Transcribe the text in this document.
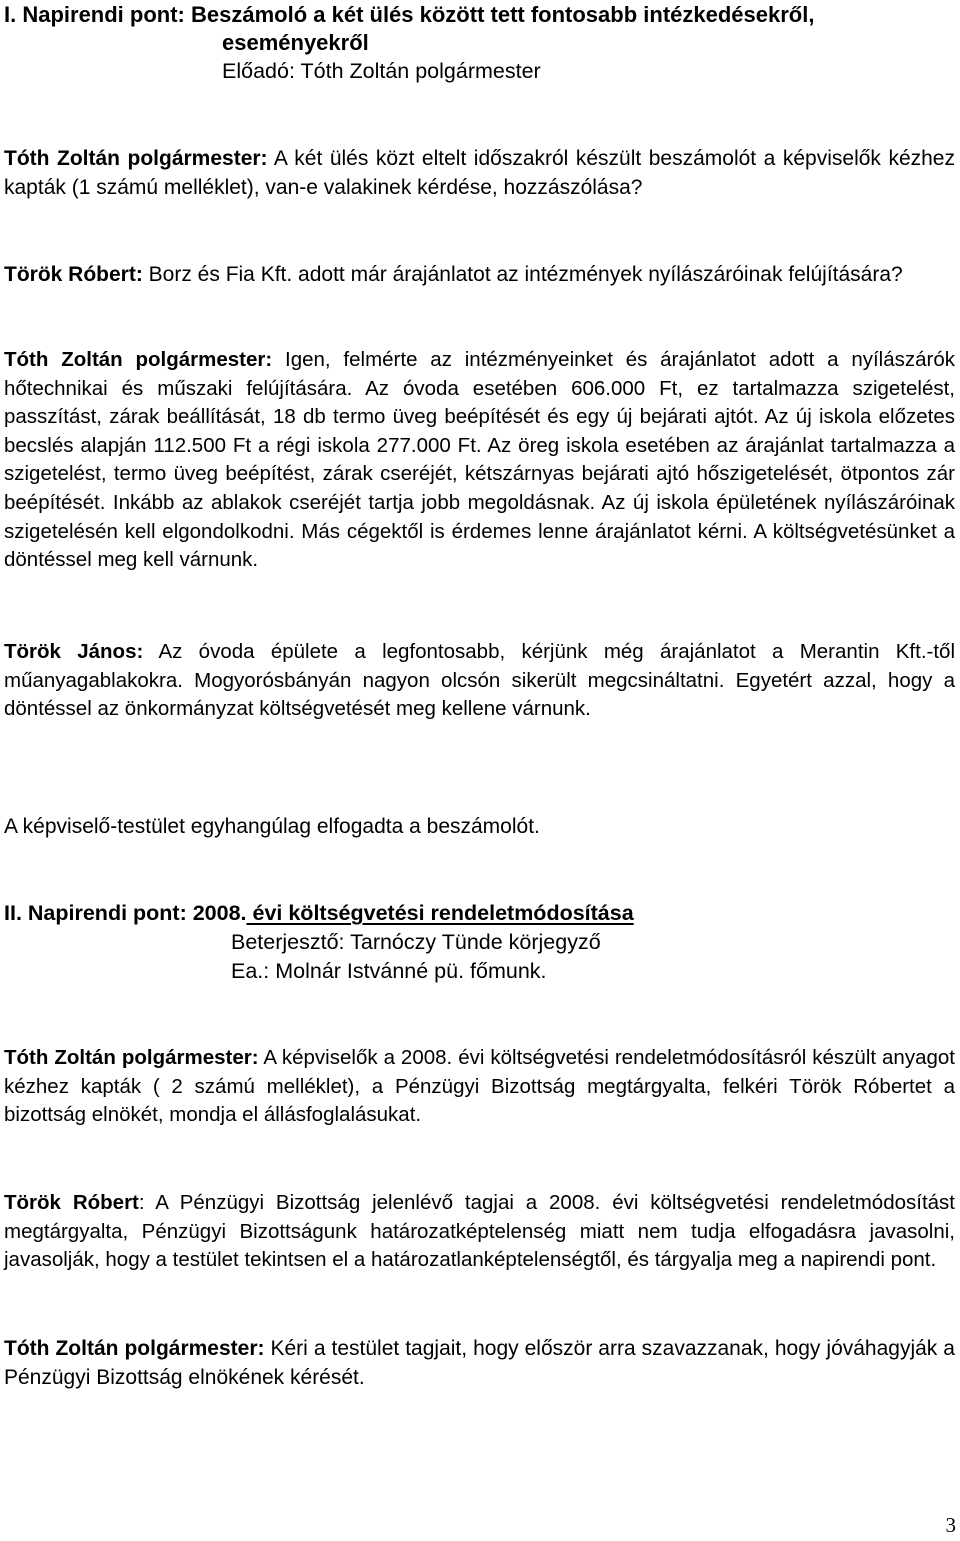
I. Napirendi pont: Beszámoló a két ülés között tett fontosabb intézkedésekről,
eseményekről
Előadó: Tóth Zoltán polgármester

Tóth Zoltán polgármester: A két ülés közt eltelt időszakról készült beszámolót a képviselők kézhez kapták (1 számú melléklet), van-e valakinek kérdése, hozzászólása?

Török Róbert: Borz és Fia Kft. adott már árajánlatot az intézmények nyílászáróinak felújítására?

Tóth Zoltán polgármester: Igen, felmérte az intézményeinket és árajánlatot adott a nyílászárók hőtechnikai és műszaki felújítására. Az óvoda esetében 606.000 Ft, ez tartalmazza szigetelést, passzítást, zárak beállítását, 18 db termo üveg beépítését és egy új bejárati ajtót. Az új iskola előzetes becslés alapján 112.500 Ft a régi iskola 277.000 Ft. Az öreg iskola esetében az árajánlat tartalmazza a szigetelést, termo üveg beépítést, zárak cseréjét, kétszárnyas bejárati ajtó hőszigetelését, ötpontos zár beépítését. Inkább az ablakok cseréjét tartja jobb megoldásnak. Az új iskola épületének nyílászáróinak szigetelésén kell elgondolkodni. Más cégektől is érdemes lenne árajánlatot kérni. A költségvetésünket a döntéssel meg kell várnunk.

Török János: Az óvoda épülete a legfontosabb, kérjünk még árajánlatot a Merantin Kft.-től műanyagablakokra. Mogyorósbányán nagyon olcsón sikerült megcsináltatni. Egyetért azzal, hogy a döntéssel az önkormányzat költségvetését meg kellene várnunk.

A képviselő-testület egyhangúlag elfogadta a beszámolót.

II. Napirendi pont: 2008. évi költségvetési rendeletmódosítása
Beterjesztő: Tarnóczy Tünde körjegyző
Ea.: Molnár Istvánné pü. főmunk.

Tóth Zoltán polgármester: A képviselők a 2008. évi költségvetési rendeletmódosításról készült anyagot kézhez kapták ( 2 számú melléklet), a Pénzügyi Bizottság megtárgyalta, felkéri Török Róbertet a bizottság elnökét, mondja el állásfoglalásukat.

Török Róbert: A Pénzügyi Bizottság jelenlévő tagjai a 2008. évi költségvetési rendeletmódosítást megtárgyalta, Pénzügyi Bizottságunk határozatképtelenség miatt nem tudja elfogadásra javasolni, javasolják, hogy a testület tekintsen el a határozatlanképtelenségtől, és tárgyalja meg a napirendi pont.

Tóth Zoltán polgármester: Kéri a testület tagjait, hogy először arra szavazzanak, hogy jóváhagyják a Pénzügyi Bizottság elnökének kérését.

3
